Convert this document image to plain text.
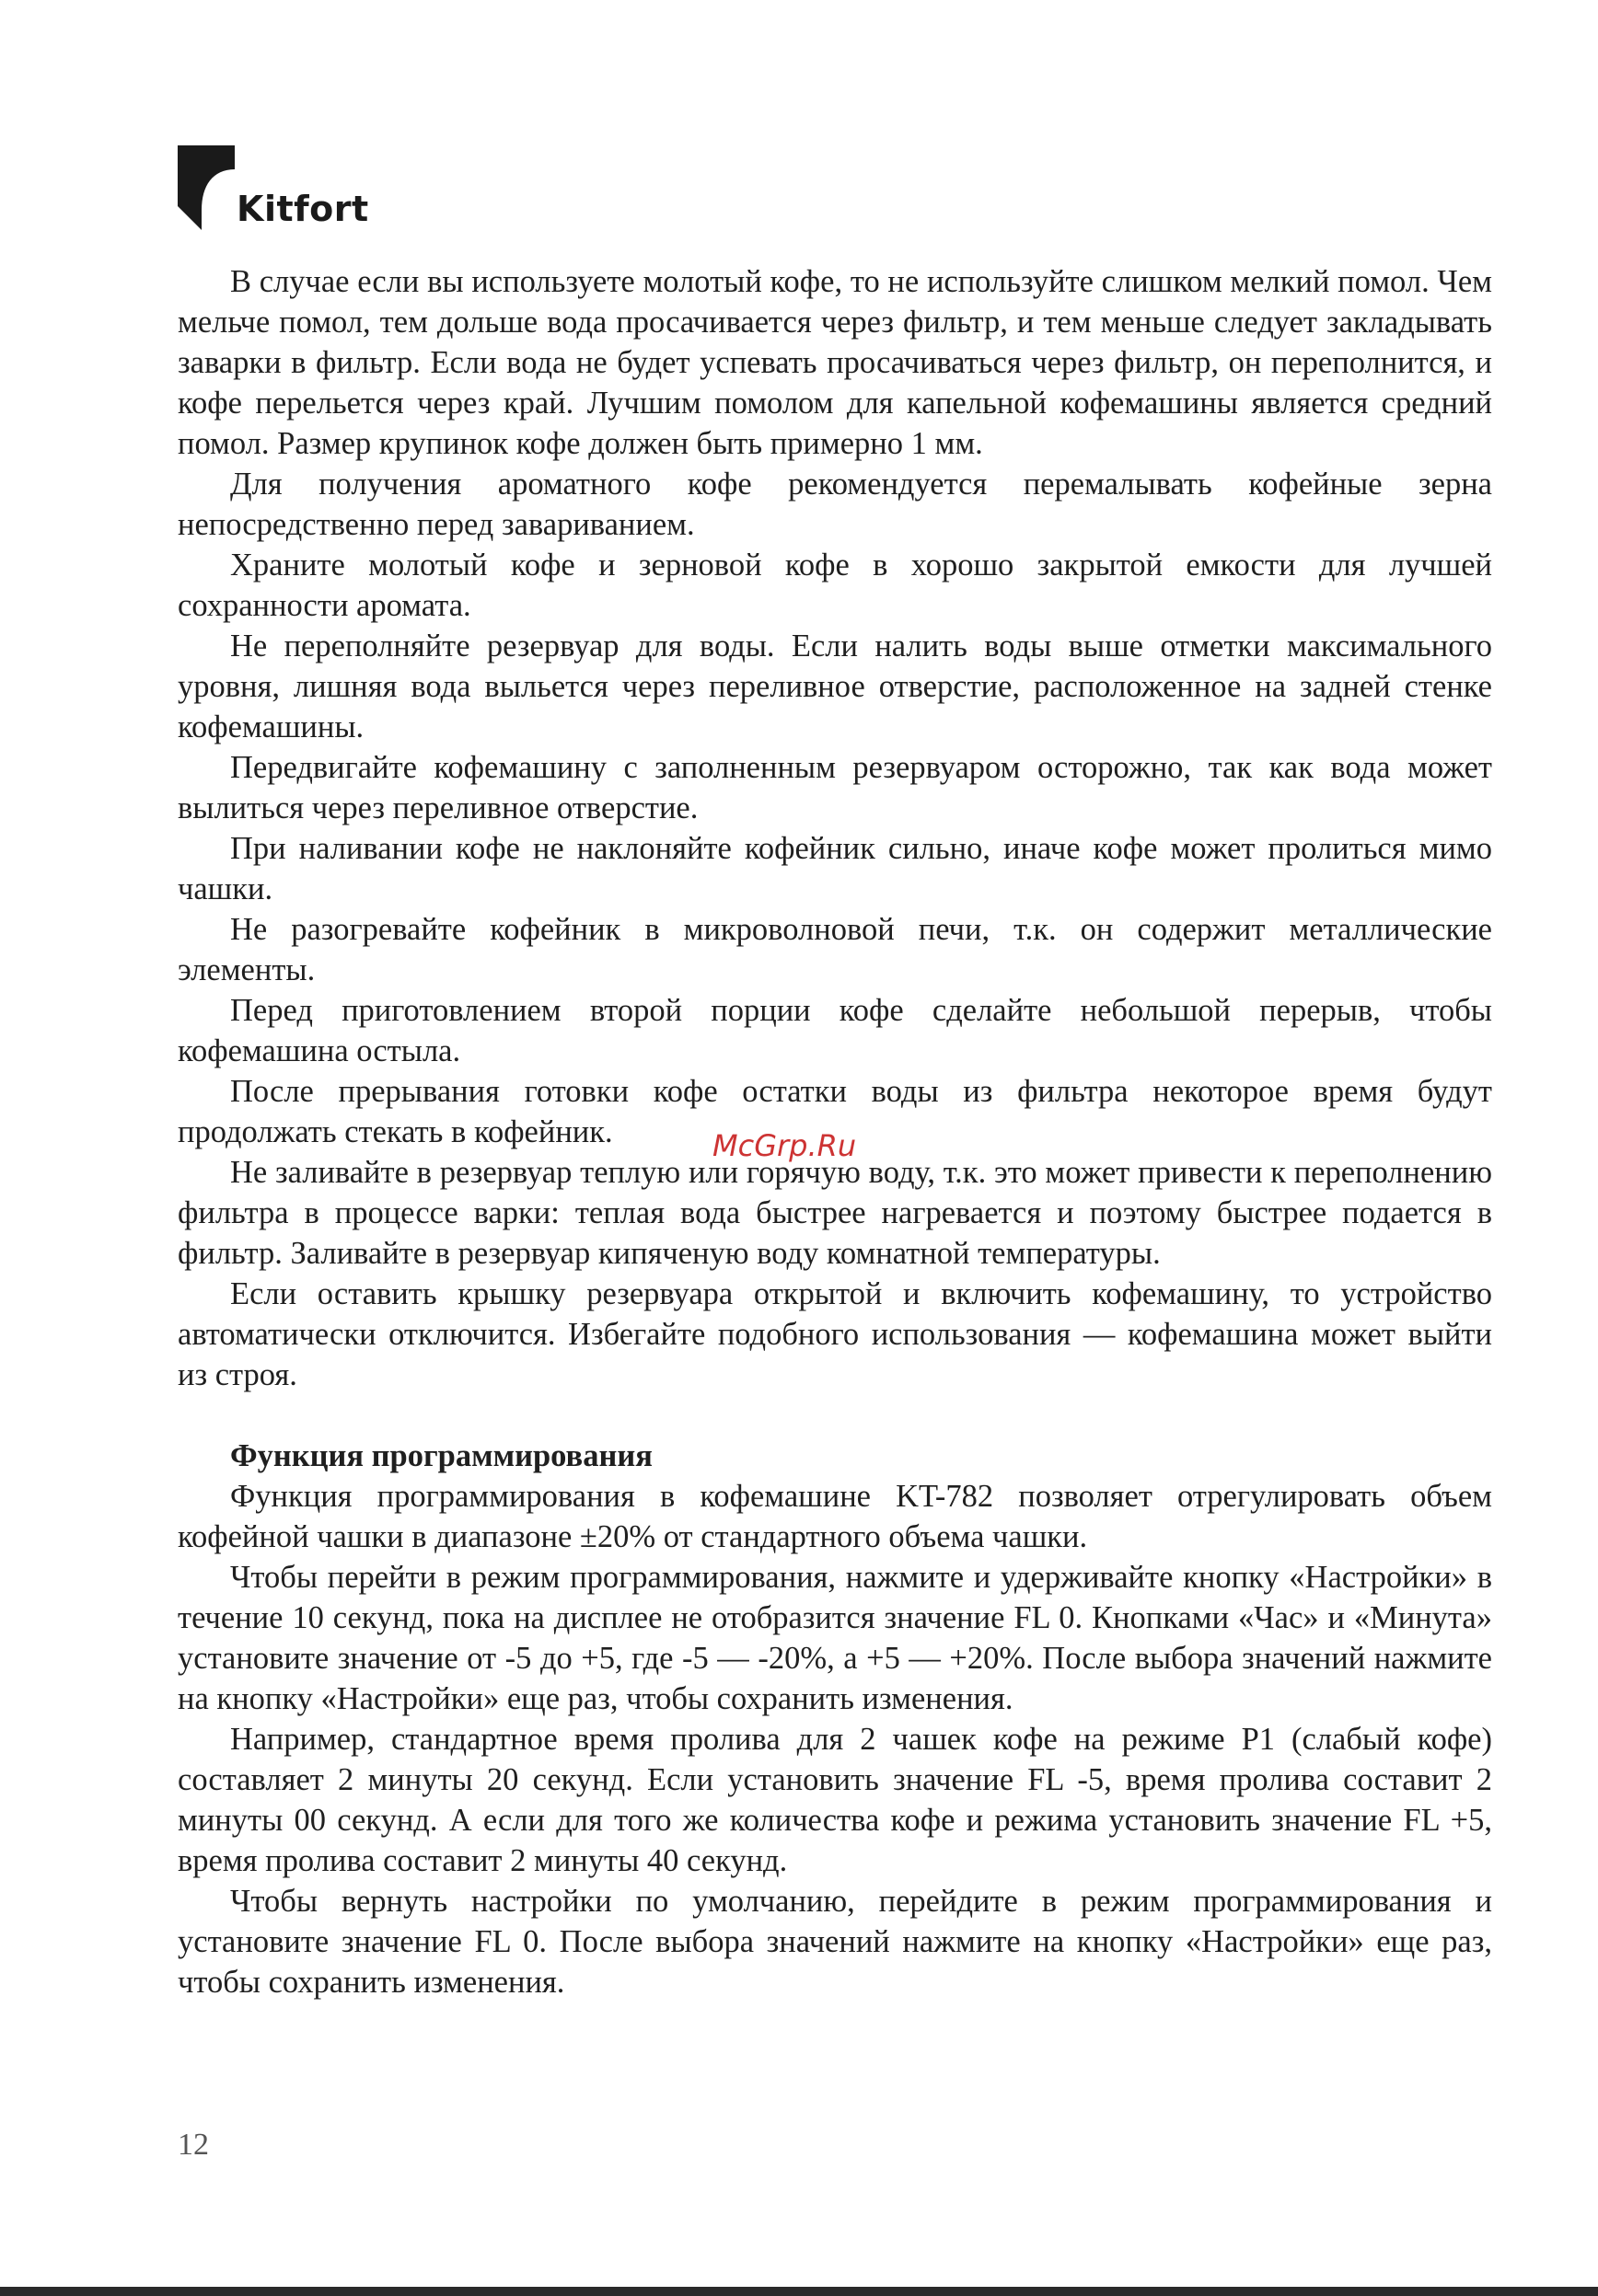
Kitfort

В случае если вы используете молотый кофе, то не используйте слишком мелкий помол. Чем мельче помол, тем дольше вода просачивается через фильтр, и тем меньше следует закладывать заварки в фильтр. Если вода не будет успевать просачиваться через фильтр, он переполнится, и кофе перельется через край. Лучшим помолом для капельной кофемашины является средний помол. Размер крупинок кофе должен быть примерно 1 мм.

Для получения ароматного кофе рекомендуется перемалывать кофейные зерна непосредственно перед завариванием.

Храните молотый кофе и зерновой кофе в хорошо закрытой емкости для лучшей сохранности аромата.

Не переполняйте резервуар для воды. Если налить воды выше отметки максимального уровня, лишняя вода выльется через переливное отверстие, расположенное на задней стенке кофемашины.

Передвигайте кофемашину с заполненным резервуаром осторожно, так как вода может вылиться через переливное отверстие.

При наливании кофе не наклоняйте кофейник сильно, иначе кофе может пролиться мимо чашки.

Не разогревайте кофейник в микроволновой печи, т.к. он содержит металлические элементы.

Перед приготовлением второй порции кофе сделайте небольшой перерыв, чтобы кофемашина остыла.

После прерывания готовки кофе остатки воды из фильтра некоторое время будут продолжать стекать в кофейник.

Не заливайте в резервуар теплую или горячую воду, т.к. это может привести к переполнению фильтра в процессе варки: теплая вода быстрее нагревается и поэтому быстрее подается в фильтр. Заливайте в резервуар кипяченую воду комнатной температуры.

Если оставить крышку резервуара открытой и включить кофемашину, то устройство автоматически отключится. Избегайте подобного использования — кофемашина может выйти из строя.

Функция программирования

Функция программирования в кофемашине KT-782 позволяет отрегулировать объем кофейной чашки в диапазоне ±20% от стандартного объема чашки.

Чтобы перейти в режим программирования, нажмите и удерживайте кнопку «Настройки» в течение 10 секунд, пока на дисплее не отобразится значение FL 0. Кнопками «Час» и «Минута» установите значение от -5 до +5, где -5 — -20%, а +5 — +20%. После выбора значений нажмите на кнопку «Настройки» еще раз, чтобы сохранить изменения.

Например, стандартное время пролива для 2 чашек кофе на режиме P1 (слабый кофе) составляет 2 минуты 20 секунд. Если установить значение FL -5, время пролива составит 2 минуты 00 секунд. А если для того же количества кофе и режима установить значение FL +5, время пролива составит 2 минуты 40 секунд.

Чтобы вернуть настройки по умолчанию, перейдите в режим программирования и установите значение FL 0. После выбора значений нажмите на кнопку «Настройки» еще раз, чтобы сохранить изменения.

McGrp.Ru
12
